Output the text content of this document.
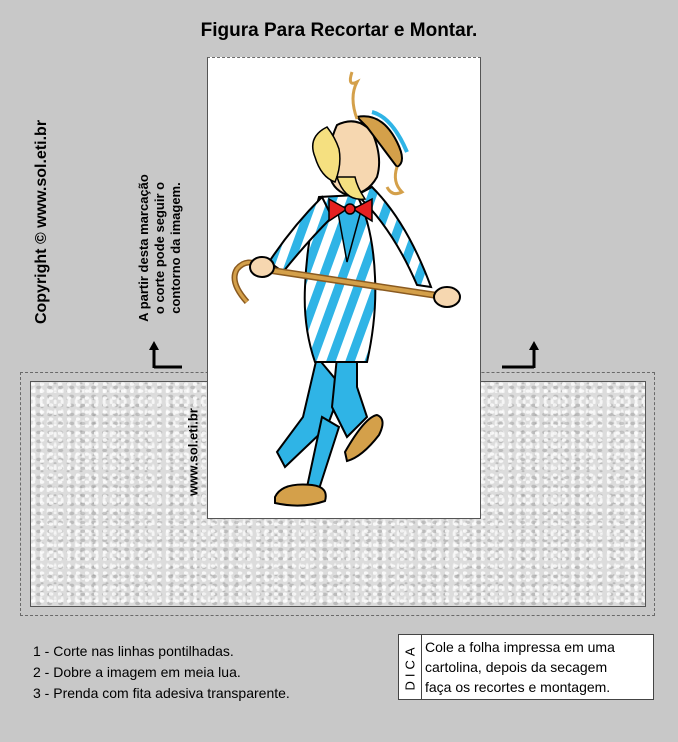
Figura Para Recortar e Montar.
Copyright © www.sol.eti.br	A partir desta marcação o corte pode seguir o contorno da imagem.
www.sol.eti.br
1 - Corte nas linhas pontilhadas.
2 - Dobre a imagem em meia lua.
3 - Prenda com fita adesiva transparente.
DICA Cole a folha impressa em uma
cartolina, depois da secagem
faça os recortes e montagem.
